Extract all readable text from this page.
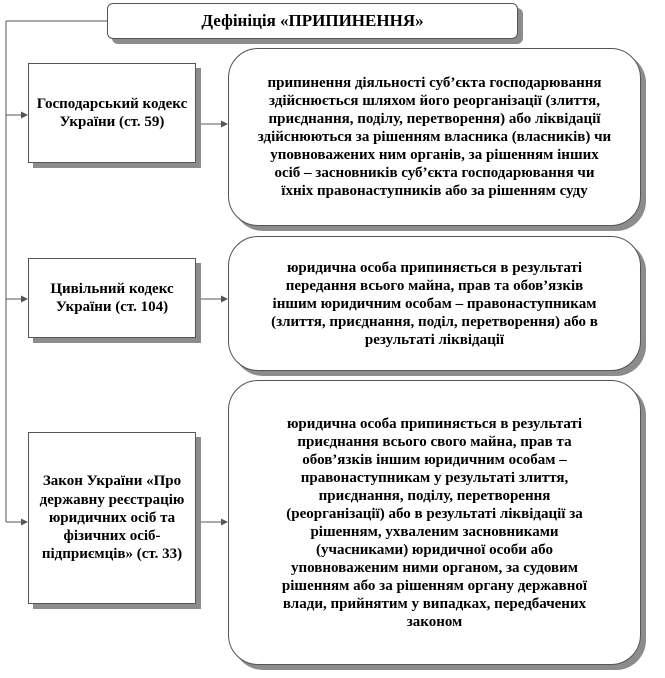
Дефініція «ПРИПИНЕННЯ»
Господарський кодекс України (ст. 59)
припинення діяльності суб’єкта господарювання
здійснюється шляхом його реорганізації (злиття,
приєднання, поділу, перетворення) або ліквідації
здійснюються за рішенням власника (власників) чи
уповноважених ним органів, за рішенням інших
осіб – засновників суб’єкта господарювання чи
їхніх правонаступників або за рішенням суду
Цивільний кодекс України (ст. 104)
юридична особа припиняється в результаті
передання всього майна, прав та обов’язків
іншим юридичним особам – правонаступникам
(злиття, приєднання, поділ, перетворення) або в
результаті ліквідації
Закон України «Про державну реєстрацію юридичних осіб та фізичних осіб-підприємців» (ст. 33)
юридична особа припиняється в результаті
приєднання всього свого майна, прав та
обов’язків іншим юридичним особам –
правонаступникам у результаті злиття,
приєднання, поділу, перетворення
(реорганізації) або в результаті ліквідації за
рішенням, ухваленим засновниками
(учасниками) юридичної особи або
уповноваженим ними органом, за судовим
рішенням або за рішенням органу державної
влади, прийнятим у випадках, передбачених
законом
